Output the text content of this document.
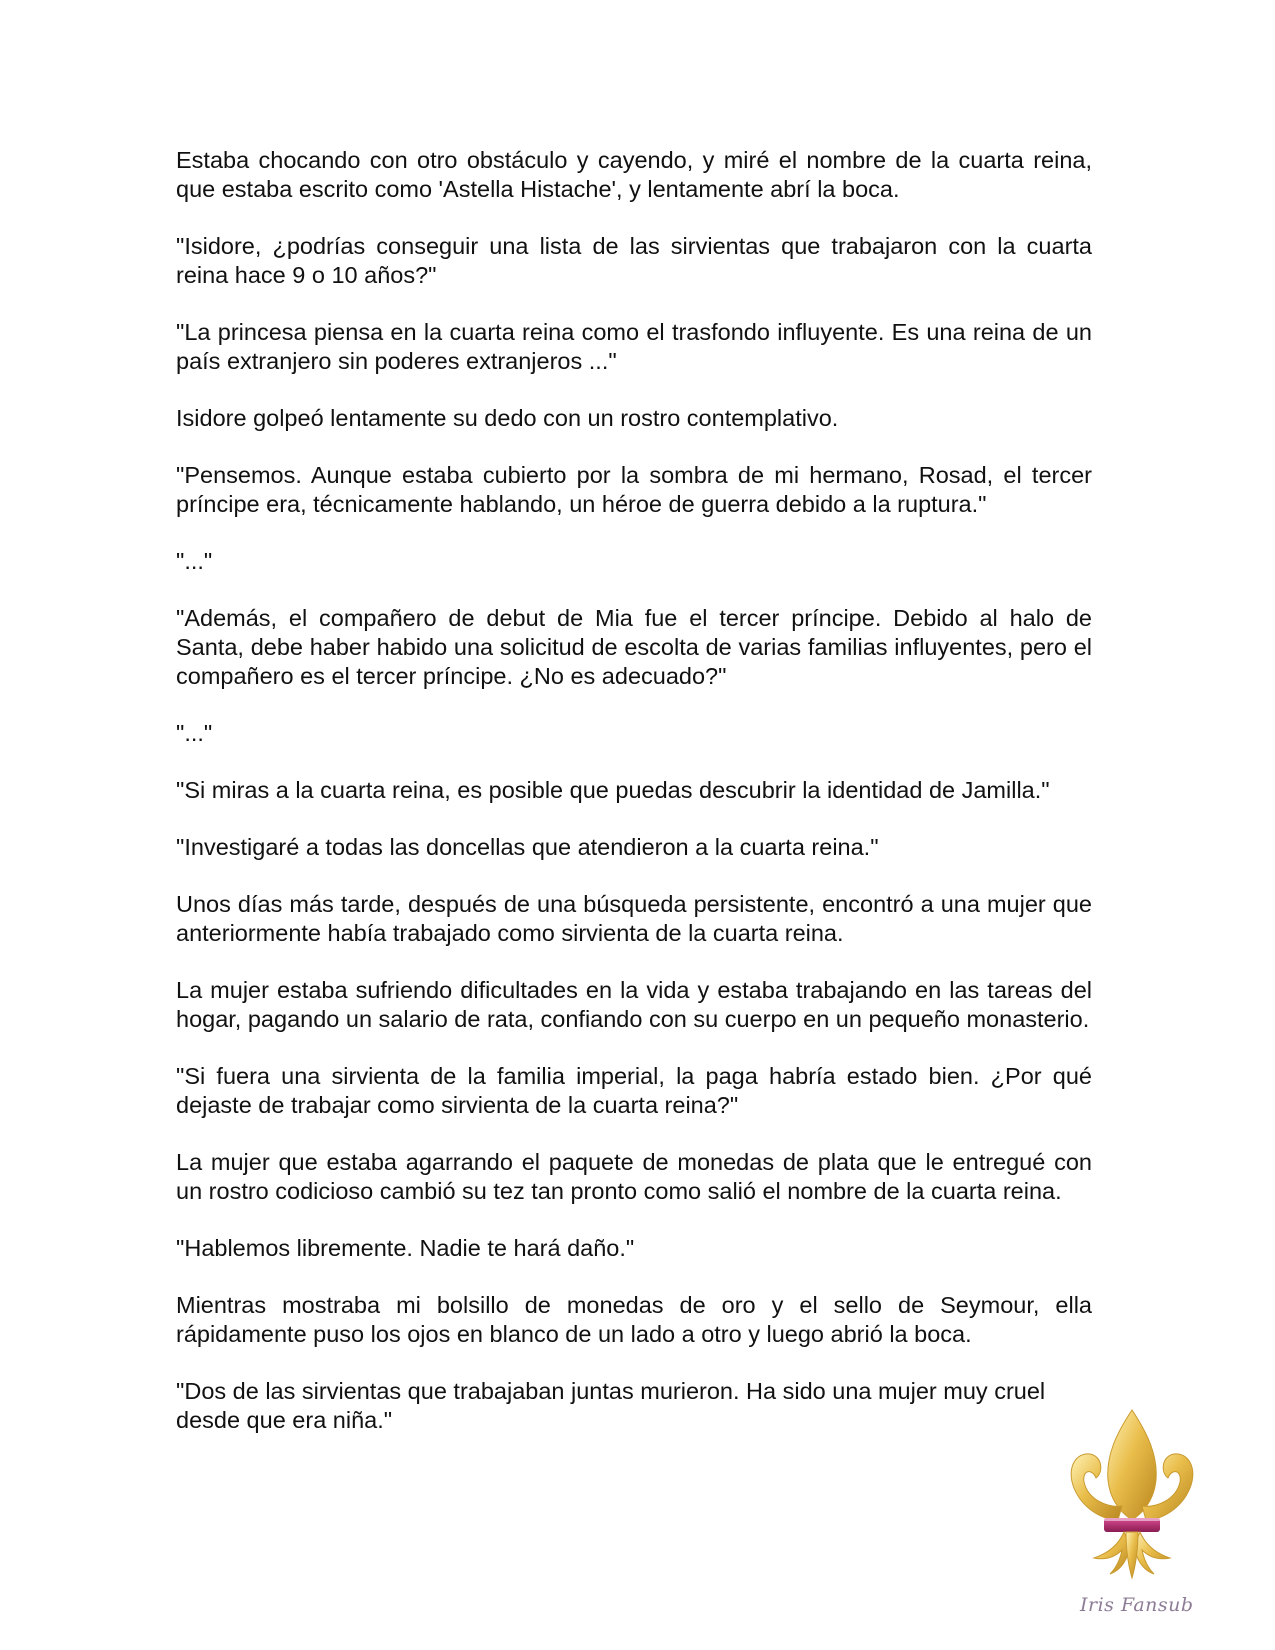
Estaba chocando con otro obstáculo y cayendo, y miré el nombre de la cuarta reina, que estaba escrito como 'Astella Histache', y lentamente abrí la boca.

"Isidore, ¿podrías conseguir una lista de las sirvientas que trabajaron con la cuarta reina hace 9 o 10 años?"

"La princesa piensa en la cuarta reina como el trasfondo influyente. Es una reina de un país extranjero sin poderes extranjeros ..."

Isidore golpeó lentamente su dedo con un rostro contemplativo.

"Pensemos. Aunque estaba cubierto por la sombra de mi hermano, Rosad, el tercer príncipe era, técnicamente hablando, un héroe de guerra debido a la ruptura."

"..."

"Además, el compañero de debut de Mia fue el tercer príncipe. Debido al halo de Santa, debe haber habido una solicitud de escolta de varias familias influyentes, pero el compañero es el tercer príncipe. ¿No es adecuado?"

"..."

"Si miras a la cuarta reina, es posible que puedas descubrir la identidad de Jamilla."

"Investigaré a todas las doncellas que atendieron a la cuarta reina."

Unos días más tarde, después de una búsqueda persistente, encontró a una mujer que anteriormente había trabajado como sirvienta de la cuarta reina.

La mujer estaba sufriendo dificultades en la vida y estaba trabajando en las tareas del hogar, pagando un salario de rata, confiando con su cuerpo en un pequeño monasterio.

"Si fuera una sirvienta de la familia imperial, la paga habría estado bien. ¿Por qué dejaste de trabajar como sirvienta de la cuarta reina?"

La mujer que estaba agarrando el paquete de monedas de plata que le entregué con un rostro codicioso cambió su tez tan pronto como salió el nombre de la cuarta reina.

"Hablemos libremente. Nadie te hará daño."

Mientras mostraba mi bolsillo de monedas de oro y el sello de Seymour, ella rápidamente puso los ojos en blanco de un lado a otro y luego abrió la boca.

"Dos de las sirvientas que trabajaban juntas murieron. Ha sido una mujer muy cruel desde que era niña."

Iris Fansub
